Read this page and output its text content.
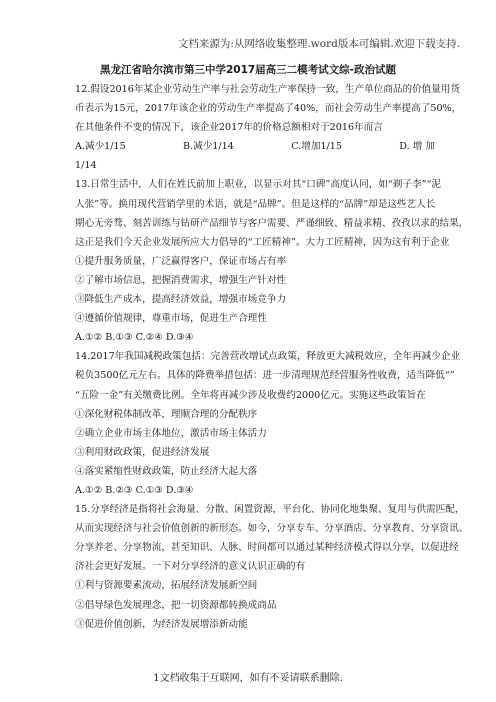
文档来源为:从网络收集整理.word版本可编辑.欢迎下载支持.
黑龙江省哈尔滨市第三中学2017届高三二模考试文综-政治试题

12.假设2016年某企业劳动生产率与社会劳动生产率保持一致，生产单位商品的价值量用货

币表示为15元，2017年该企业的劳动生产率提高了40%，而社会劳动生产率提高了50%，

在其他条件不变的情况下，该企业2017年的价格总额相对于2016年而言

A.减少1/15	B.减少1/14	C.增加1/15	D. 增 加

1/14

13.日常生活中，人们在姓氏前加上职业，以显示对其“口碑”高度认同，如“剃子李”“泥

人张”等。换用现代营销学里的术语，就是“品牌”。但是这样的“品牌”却是这些艺人长

期心无旁骛、刻苦训练与钻研产品细节与客户需要、严谨细致、精益求精、孜孜以求的结果，

这正是我们今天企业发展所应大力倡导的“工匠精神”。大力工匠精神，因为这有利于企业

①提升服务质量，广泛赢得客户，保证市场占有率

②了解市场信息，把握消费需求，增强生产针对性

③降低生产成本，提高经济效益，增强市场竞争力

④遵循价值规律，尊重市场，促进生产合理性

A.①② B.①③ C.②④ D.③④

14.2017年我国减税政策包括：完善营改增试点政策，释放更大减税效应，全年再减少企业

税负3500亿元左右。具体的降费举措包括：进一步清理规范经营服务性收费，适当降低“”

“五险一金”有关缴费比例。全年将再减少涉及收费约2000亿元。实施这些政策旨在

①深化财税体制改革，理顺合理的分配秩序

②确立企业市场主体地位，激活市场主体活力

③利用财政政策，促进经济发展

④落实紧缩性财政政策，防止经济大起大落

A.①② B.②③ C.①③ D.③④

15.分享经济是指将社会海量、分散、闲置资源，平台化、协同化地集聚、复用与供需匹配，

从而实现经济与社会价值创新的新形态。如今，分享专车、分享酒店、分享教育、分享资讯、

分享养老、分享物流，甚至知识、人脉、时间都可以通过某种经济模式得以分享，以促进经

济社会更好发展。一下对分享经济的意义认识正确的有

①利与资源要素流动，拓展经济发展新空间

②倡导绿色发展理念，把一切资源都转换成商品

③促进价值创新，为经济发展增添新动能

1文档收集于互联网，如有不妥请联系删除.
